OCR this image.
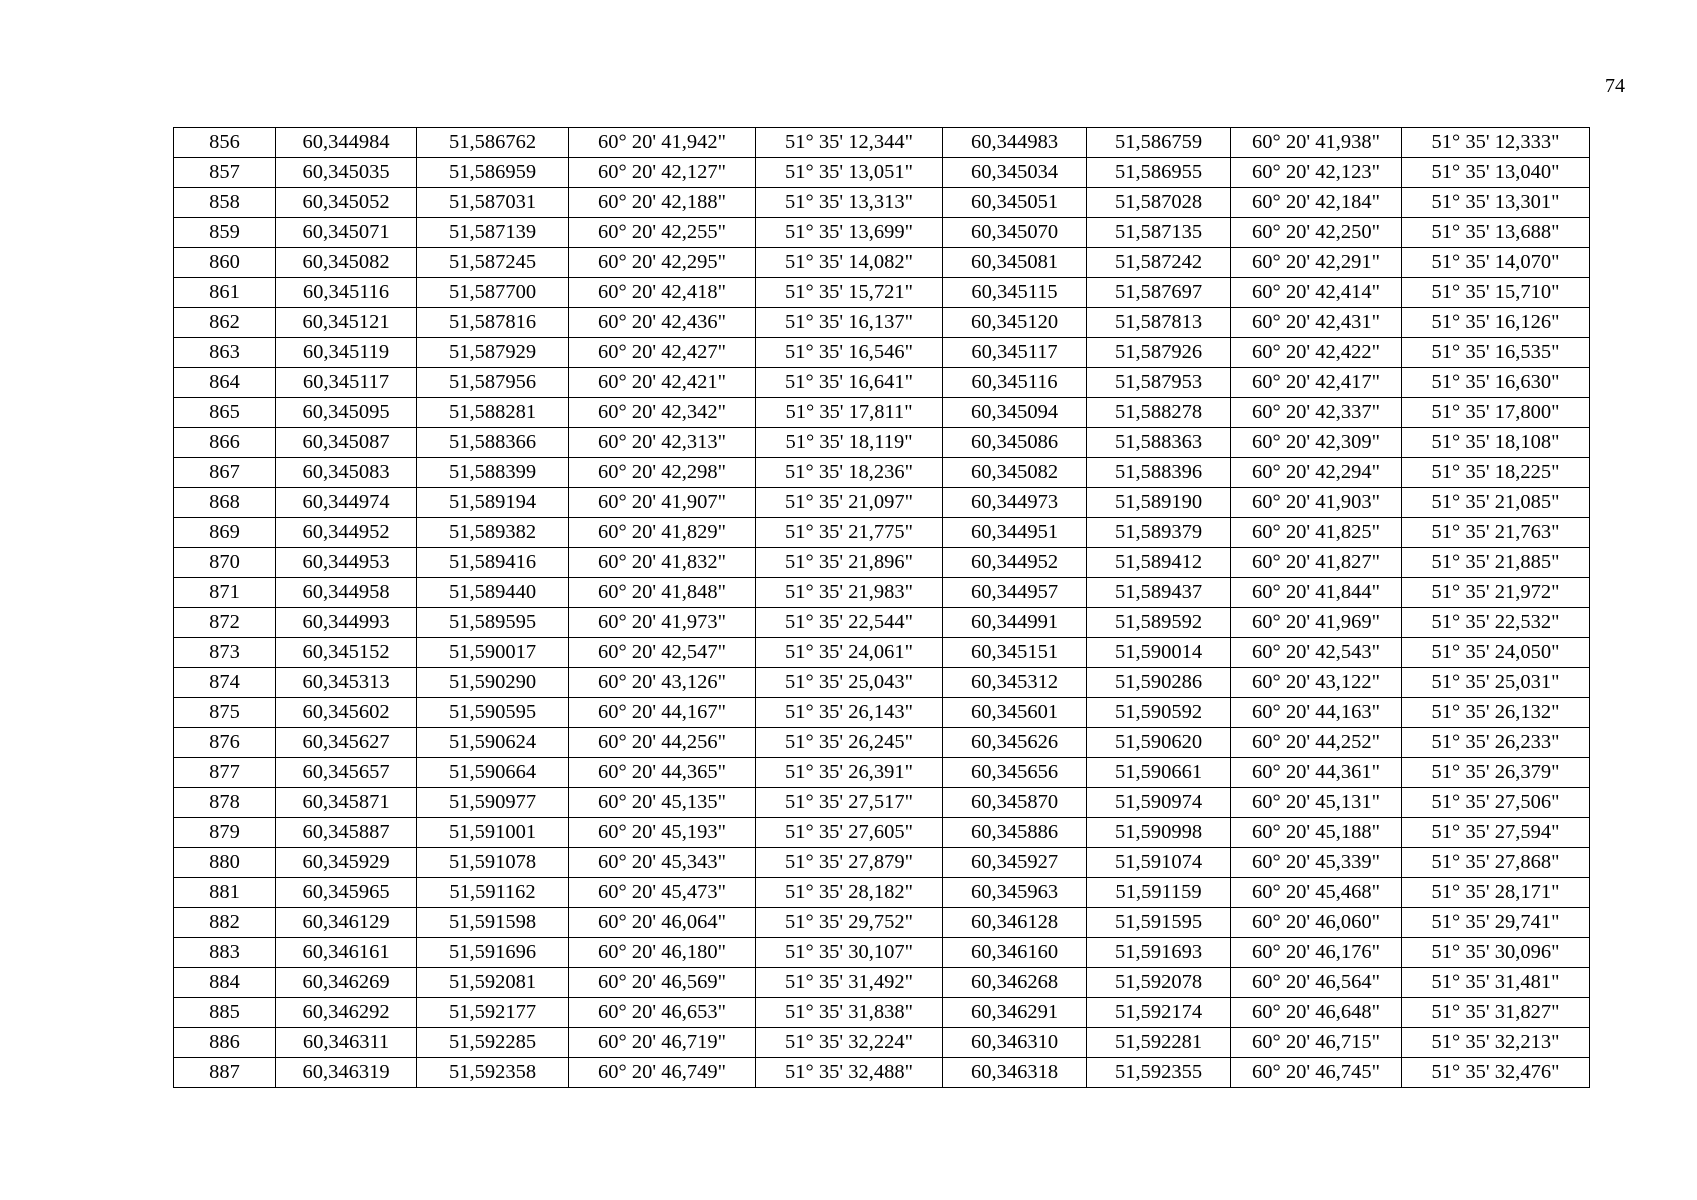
74
856	60,344984	51,586762	60° 20' 41,942"	51° 35' 12,344"	60,344983	51,586759	60° 20' 41,938"	51° 35' 12,333"
857	60,345035	51,586959	60° 20' 42,127"	51° 35' 13,051"	60,345034	51,586955	60° 20' 42,123"	51° 35' 13,040"
858	60,345052	51,587031	60° 20' 42,188"	51° 35' 13,313"	60,345051	51,587028	60° 20' 42,184"	51° 35' 13,301"
859	60,345071	51,587139	60° 20' 42,255"	51° 35' 13,699"	60,345070	51,587135	60° 20' 42,250"	51° 35' 13,688"
860	60,345082	51,587245	60° 20' 42,295"	51° 35' 14,082"	60,345081	51,587242	60° 20' 42,291"	51° 35' 14,070"
861	60,345116	51,587700	60° 20' 42,418"	51° 35' 15,721"	60,345115	51,587697	60° 20' 42,414"	51° 35' 15,710"
862	60,345121	51,587816	60° 20' 42,436"	51° 35' 16,137"	60,345120	51,587813	60° 20' 42,431"	51° 35' 16,126"
863	60,345119	51,587929	60° 20' 42,427"	51° 35' 16,546"	60,345117	51,587926	60° 20' 42,422"	51° 35' 16,535"
864	60,345117	51,587956	60° 20' 42,421"	51° 35' 16,641"	60,345116	51,587953	60° 20' 42,417"	51° 35' 16,630"
865	60,345095	51,588281	60° 20' 42,342"	51° 35' 17,811"	60,345094	51,588278	60° 20' 42,337"	51° 35' 17,800"
866	60,345087	51,588366	60° 20' 42,313"	51° 35' 18,119"	60,345086	51,588363	60° 20' 42,309"	51° 35' 18,108"
867	60,345083	51,588399	60° 20' 42,298"	51° 35' 18,236"	60,345082	51,588396	60° 20' 42,294"	51° 35' 18,225"
868	60,344974	51,589194	60° 20' 41,907"	51° 35' 21,097"	60,344973	51,589190	60° 20' 41,903"	51° 35' 21,085"
869	60,344952	51,589382	60° 20' 41,829"	51° 35' 21,775"	60,344951	51,589379	60° 20' 41,825"	51° 35' 21,763"
870	60,344953	51,589416	60° 20' 41,832"	51° 35' 21,896"	60,344952	51,589412	60° 20' 41,827"	51° 35' 21,885"
871	60,344958	51,589440	60° 20' 41,848"	51° 35' 21,983"	60,344957	51,589437	60° 20' 41,844"	51° 35' 21,972"
872	60,344993	51,589595	60° 20' 41,973"	51° 35' 22,544"	60,344991	51,589592	60° 20' 41,969"	51° 35' 22,532"
873	60,345152	51,590017	60° 20' 42,547"	51° 35' 24,061"	60,345151	51,590014	60° 20' 42,543"	51° 35' 24,050"
874	60,345313	51,590290	60° 20' 43,126"	51° 35' 25,043"	60,345312	51,590286	60° 20' 43,122"	51° 35' 25,031"
875	60,345602	51,590595	60° 20' 44,167"	51° 35' 26,143"	60,345601	51,590592	60° 20' 44,163"	51° 35' 26,132"
876	60,345627	51,590624	60° 20' 44,256"	51° 35' 26,245"	60,345626	51,590620	60° 20' 44,252"	51° 35' 26,233"
877	60,345657	51,590664	60° 20' 44,365"	51° 35' 26,391"	60,345656	51,590661	60° 20' 44,361"	51° 35' 26,379"
878	60,345871	51,590977	60° 20' 45,135"	51° 35' 27,517"	60,345870	51,590974	60° 20' 45,131"	51° 35' 27,506"
879	60,345887	51,591001	60° 20' 45,193"	51° 35' 27,605"	60,345886	51,590998	60° 20' 45,188"	51° 35' 27,594"
880	60,345929	51,591078	60° 20' 45,343"	51° 35' 27,879"	60,345927	51,591074	60° 20' 45,339"	51° 35' 27,868"
881	60,345965	51,591162	60° 20' 45,473"	51° 35' 28,182"	60,345963	51,591159	60° 20' 45,468"	51° 35' 28,171"
882	60,346129	51,591598	60° 20' 46,064"	51° 35' 29,752"	60,346128	51,591595	60° 20' 46,060"	51° 35' 29,741"
883	60,346161	51,591696	60° 20' 46,180"	51° 35' 30,107"	60,346160	51,591693	60° 20' 46,176"	51° 35' 30,096"
884	60,346269	51,592081	60° 20' 46,569"	51° 35' 31,492"	60,346268	51,592078	60° 20' 46,564"	51° 35' 31,481"
885	60,346292	51,592177	60° 20' 46,653"	51° 35' 31,838"	60,346291	51,592174	60° 20' 46,648"	51° 35' 31,827"
886	60,346311	51,592285	60° 20' 46,719"	51° 35' 32,224"	60,346310	51,592281	60° 20' 46,715"	51° 35' 32,213"
887	60,346319	51,592358	60° 20' 46,749"	51° 35' 32,488"	60,346318	51,592355	60° 20' 46,745"	51° 35' 32,476"
